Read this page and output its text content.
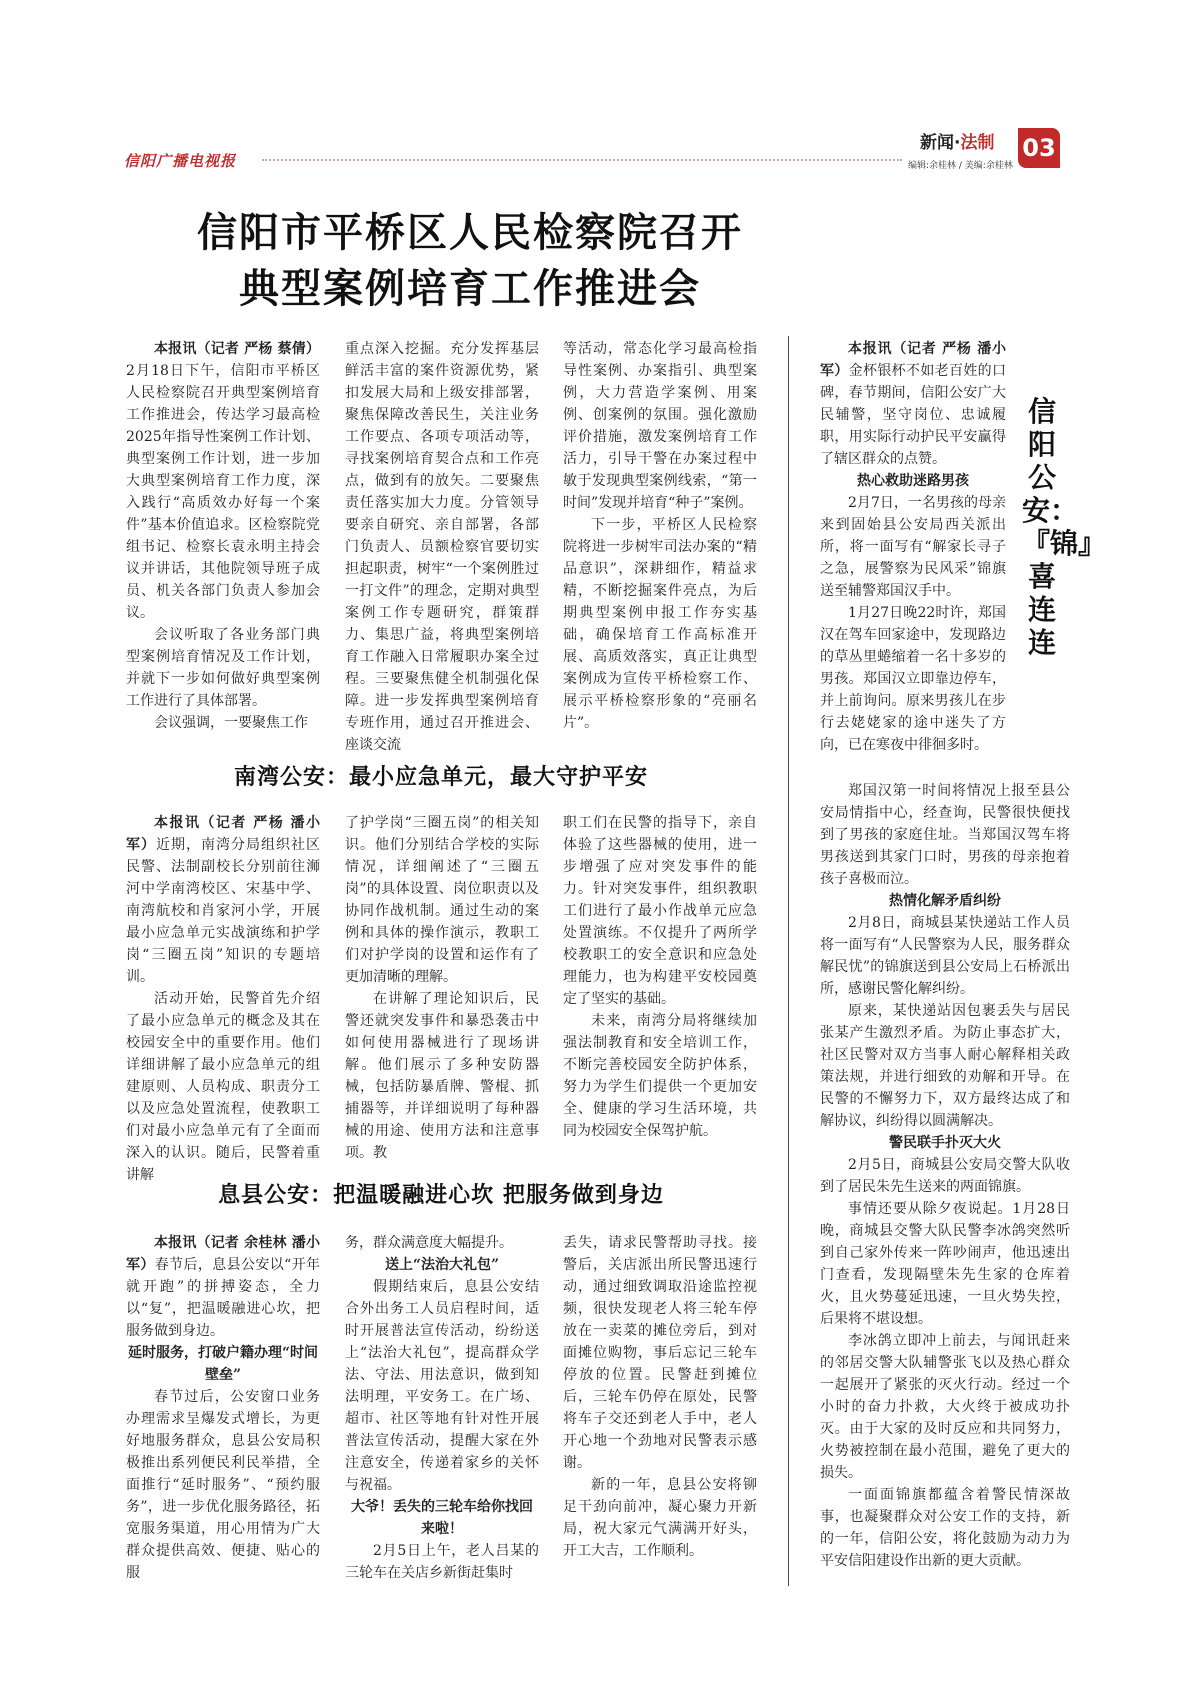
信阳广播电视报
新闻·法制
编辑:余桂林 / 美编:余桂林
03
信阳市平桥区人民检察院召开
典型案例培育工作推进会

本报讯（记者 严杨 蔡倩）2月18日下午，信阳市平桥区人民检察院召开典型案例培育工作推进会，传达学习最高检2025年指导性案例工作计划、典型案例工作计划，进一步加大典型案例培育工作力度，深入践行“高质效办好每一个案件”基本价值追求。区检察院党组书记、检察长袁永明主持会议并讲话，其他院领导班子成员、机关各部门负责人参加会议。

会议听取了各业务部门典型案例培育情况及工作计划，并就下一步如何做好典型案例工作进行了具体部署。

会议强调，一要聚焦工作

重点深入挖掘。充分发挥基层鲜活丰富的案件资源优势，紧扣发展大局和上级安排部署，聚焦保障改善民生，关注业务工作要点、各项专项活动等，寻找案例培育契合点和工作亮点，做到有的放矢。二要聚焦责任落实加大力度。分管领导要亲自研究、亲自部署，各部门负责人、员额检察官要切实担起职责，树牢“一个案例胜过一打文件”的理念，定期对典型案例工作专题研究，群策群力、集思广益，将典型案例培育工作融入日常履职办案全过程。三要聚焦健全机制强化保障。进一步发挥典型案例培育专班作用，通过召开推进会、座谈交流

等活动，常态化学习最高检指导性案例、办案指引、典型案例，大力营造学案例、用案例、创案例的氛围。强化激励评价措施，激发案例培育工作活力，引导干警在办案过程中敏于发现典型案例线索，“第一时间”发现并培育“种子”案例。

下一步，平桥区人民检察院将进一步树牢司法办案的“精品意识”，深耕细作，精益求精，不断挖掘案件亮点，为后期典型案例申报工作夯实基础，确保培育工作高标准开展、高质效落实，真正让典型案例成为宣传平桥检察工作、展示平桥检察形象的“亮丽名片”。

南湾公安：最小应急单元，最大守护平安

本报讯（记者 严杨 潘小军）近期，南湾分局组织社区民警、法制副校长分别前往浉河中学南湾校区、宋基中学、南湾航校和肖家河小学，开展最小应急单元实战演练和护学岗“三圈五岗”知识的专题培训。

活动开始，民警首先介绍了最小应急单元的概念及其在校园安全中的重要作用。他们详细讲解了最小应急单元的组建原则、人员构成、职责分工以及应急处置流程，使教职工们对最小应急单元有了全面而深入的认识。随后，民警着重讲解

了护学岗“三圈五岗”的相关知识。他们分别结合学校的实际情况，详细阐述了“三圈五岗”的具体设置、岗位职责以及协同作战机制。通过生动的案例和具体的操作演示，教职工们对护学岗的设置和运作有了更加清晰的理解。

在讲解了理论知识后，民警还就突发事件和暴恐袭击中如何使用器械进行了现场讲解。他们展示了多种安防器械，包括防暴盾牌、警棍、抓捕器等，并详细说明了每种器械的用途、使用方法和注意事项。教

职工们在民警的指导下，亲自体验了这些器械的使用，进一步增强了应对突发事件的能力。针对突发事件，组织教职工们进行了最小作战单元应急处置演练。不仅提升了两所学校教职工的安全意识和应急处理能力，也为构建平安校园奠定了坚实的基础。

未来，南湾分局将继续加强法制教育和安全培训工作，不断完善校园安全防护体系，努力为学生们提供一个更加安全、健康的学习生活环境，共同为校园安全保驾护航。

息县公安：把温暖融进心坎 把服务做到身边

本报讯（记者 余桂林 潘小军）春节后，息县公安以“开年就开跑”的拼搏姿态，全力以“复”，把温暖融进心坎，把服务做到身边。

延时服务，打破户籍办理“时间壁垒”

春节过后，公安窗口业务办理需求呈爆发式增长，为更好地服务群众，息县公安局积极推出系列便民利民举措，全面推行“延时服务”、“预约服务”，进一步优化服务路径，拓宽服务渠道，用心用情为广大群众提供高效、便捷、贴心的服

务，群众满意度大幅提升。

送上“法治大礼包”

假期结束后，息县公安结合外出务工人员启程时间，适时开展普法宣传活动，纷纷送上“法治大礼包”，提高群众学法、守法、用法意识，做到知法明理，平安务工。在广场、超市、社区等地有针对性开展普法宣传活动，提醒大家在外注意安全，传递着家乡的关怀与祝福。

大爷！丢失的三轮车给你找回来啦！

2月5日上午，老人吕某的三轮车在关店乡新街赶集时

丢失，请求民警帮助寻找。接警后，关店派出所民警迅速行动，通过细致调取沿途监控视频，很快发现老人将三轮车停放在一卖菜的摊位旁后，到对面摊位购物，事后忘记三轮车停放的位置。民警赶到摊位后，三轮车仍停在原处，民警将车子交还到老人手中，老人开心地一个劲地对民警表示感谢。

新的一年，息县公安将铆足干劲向前冲，凝心聚力开新局，祝大家元气满满开好头，开工大吉，工作顺利。

信阳公安：『锦』喜连连

本报讯（记者 严杨 潘小军）金杯银杯不如老百姓的口碑，春节期间，信阳公安广大民辅警，坚守岗位、忠诚履职，用实际行动护民平安赢得了辖区群众的点赞。

热心救助迷路男孩

2月7日，一名男孩的母亲来到固始县公安局西关派出所，将一面写有“解家长寻子之急，展警察为民风采”锦旗送至辅警郑国汉手中。

1月27日晚22时许，郑国汉在驾车回家途中，发现路边的草丛里蜷缩着一名十多岁的男孩。郑国汉立即靠边停车，并上前询问。原来男孩儿在步行去姥姥家的途中迷失了方向，已在寒夜中徘徊多时。

郑国汉第一时间将情况上报至县公安局情指中心，经查询，民警很快便找到了男孩的家庭住址。当郑国汉驾车将男孩送到其家门口时，男孩的母亲抱着孩子喜极而泣。

热情化解矛盾纠纷

2月8日，商城县某快递站工作人员将一面写有“人民警察为人民，服务群众解民忧”的锦旗送到县公安局上石桥派出所，感谢民警化解纠纷。

原来，某快递站因包裹丢失与居民张某产生激烈矛盾。为防止事态扩大，社区民警对双方当事人耐心解释相关政策法规，并进行细致的劝解和开导。在民警的不懈努力下，双方最终达成了和解协议，纠纷得以圆满解决。

警民联手扑灭大火

2月5日，商城县公安局交警大队收到了居民朱先生送来的两面锦旗。

事情还要从除夕夜说起。1月28日晚，商城县交警大队民警李冰鸽突然听到自己家外传来一阵吵闹声，他迅速出门查看，发现隔壁朱先生家的仓库着火，且火势蔓延迅速，一旦火势失控，后果将不堪设想。

李冰鸽立即冲上前去，与闻讯赶来的邻居交警大队辅警张飞以及热心群众一起展开了紧张的灭火行动。经过一个小时的奋力扑救，大火终于被成功扑灭。由于大家的及时反应和共同努力，火势被控制在最小范围，避免了更大的损失。

一面面锦旗都蕴含着警民情深故事，也凝聚群众对公安工作的支持，新的一年，信阳公安，将化鼓励为动力为平安信阳建设作出新的更大贡献。
